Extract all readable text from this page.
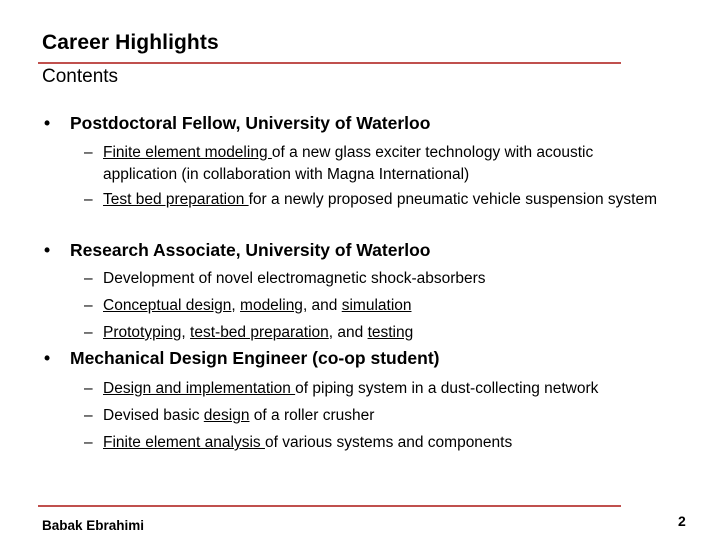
Career Highlights
Contents
• Postdoctoral Fellow, University of Waterloo
– Finite element modeling of a new glass exciter technology with acoustic application (in collaboration with Magna International)
– Test bed preparation for a newly proposed pneumatic vehicle suspension system
• Research Associate, University of Waterloo
– Development of novel electromagnetic shock-absorbers
– Conceptual design, modeling, and simulation
– Prototyping, test-bed preparation, and testing
• Mechanical Design Engineer (co-op student)
– Design and implementation of piping system in a dust-collecting network
– Devised basic design of a roller crusher
– Finite element analysis of various systems and components
Babak Ebrahimi	2
